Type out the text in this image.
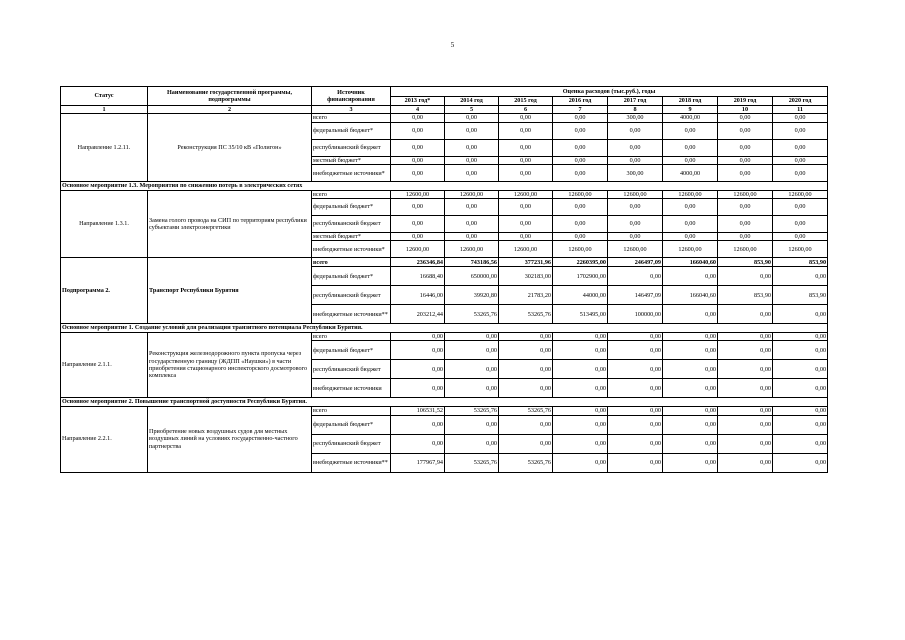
5
Статус	Наименование государственной программы, подпрограммы	Источник финансирования	Оценка расходов (тыс.руб.), годы							
			2013 год*	2014 год	2015 год	2016 год	2017 год	2018 год	2019 год	2020 год
1	2	3	4	5	6	7	8	9	10	11
Направление 1.2.11.	Реконструкция ПС 35/10 кВ «Полигон»	всего	0,00	0,00	0,00	0,00	300,00	4000,00	0,00	0,00
		федеральный бюджет*	0,00	0,00	0,00	0,00	0,00	0,00	0,00	0,00
		республиканский бюджет	0,00	0,00	0,00	0,00	0,00	0,00	0,00	0,00
		местный бюджет*	0,00	0,00	0,00	0,00	0,00	0,00	0,00	0,00
		внебюджетные источники*	0,00	0,00	0,00	0,00	300,00	4000,00	0,00	0,00
Основное мероприятие 1.3. Мероприятия по снижению потерь в электрических сетях										
Направление 1.3.1.	Замена голого провода на СИП по территориям республики субъектами электроэнергетики	всего	12600,00	12600,00	12600,00	12600,00	12600,00	12600,00	12600,00	12600,00
		федеральный бюджет*	0,00	0,00	0,00	0,00	0,00	0,00	0,00	0,00
		республиканский бюджет	0,00	0,00	0,00	0,00	0,00	0,00	0,00	0,00
		местный бюджет*	0,00	0,00	0,00	0,00	0,00	0,00	0,00	0,00
		внебюджетные источники*	12600,00	12600,00	12600,00	12600,00	12600,00	12600,00	12600,00	12600,00
Подпрограмма 2.	Транспорт Республики Бурятия	всего	236346,84	743186,56	377231,96	2260395,00	246497,09	166040,60	853,90	853,90
		федеральный бюджет*	16688,40	650000,00	302183,00	1702900,00	0,00	0,00	0,00	0,00
		республиканский бюджет	16446,00	39920,80	21783,20	44000,00	146497,09	166040,60	853,90	853,90
		внебюджетные источники**	203212,44	53265,76	53265,76	513495,00	100000,00	0,00	0,00	0,00
Основное мероприятие 1. Создание условий для реализации транзитного потенциала Республики Бурятия.										
Направление 2.1.1.	Реконструкция железнодорожного пункта пропуска через государственную границу (ЖДПП «Наушки») в части приобретения стационарного инспекторского досмотрового комплекса	всего	0,00	0,00	0,00	0,00	0,00	0,00	0,00	0,00
		федеральный бюджет*	0,00	0,00	0,00	0,00	0,00	0,00	0,00	0,00
		республиканский бюджет	0,00	0,00	0,00	0,00	0,00	0,00	0,00	0,00
		внебюджетные источники	0,00	0,00	0,00	0,00	0,00	0,00	0,00	0,00
Основное мероприятие 2. Повышение транспортной доступности Республики Бурятия.										
Направление 2.2.1.	Приобретение новых воздушных судов для местных воздушных линий на условиях государственно-частного партнерства	всего	106531,52	53265,76	53265,76	0,00	0,00	0,00	0,00	0,00
		федеральный бюджет*	0,00	0,00	0,00	0,00	0,00	0,00	0,00	0,00
		республиканский бюджет	0,00	0,00	0,00	0,00	0,00	0,00	0,00	0,00
		внебюджетные источники**	177967,94	53265,76	53265,76	0,00	0,00	0,00	0,00	0,00
